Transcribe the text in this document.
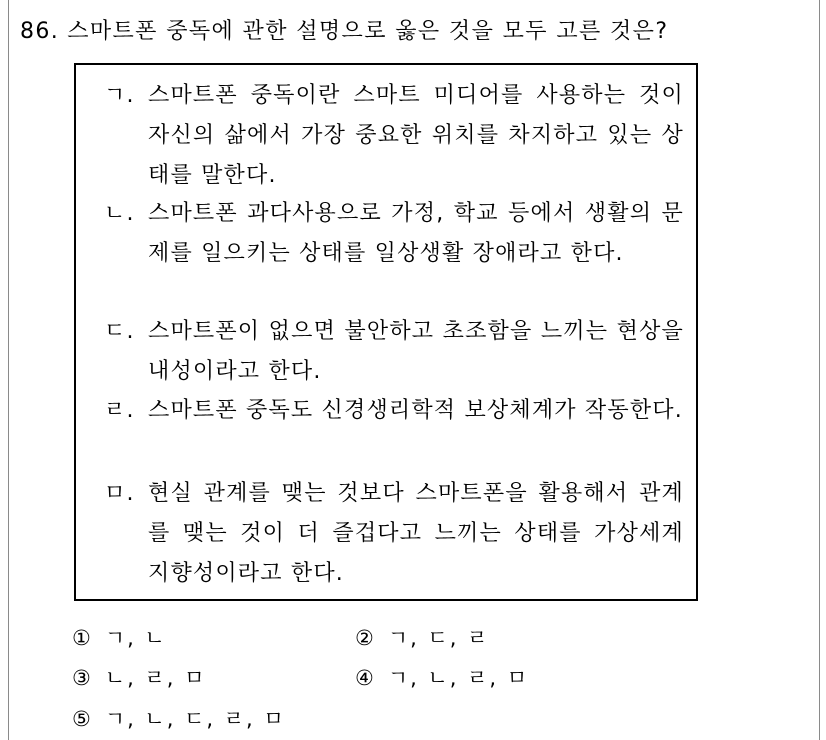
86. 스마트폰 중독에 관한 설명으로 옳은 것을 모두 고른 것은?
ㄱ. 스마트폰 중독이란 스마트 미디어를 사용하는 것이 자신의 삶에서 가장 중요한 위치를 차지하고 있는 상태를 말한다.
ㄴ. 스마트폰 과다사용으로 가정, 학교 등에서 생활의 문제를 일으키는 상태를 일상생활 장애라고 한다.
ㄷ. 스마트폰이 없으면 불안하고 초조함을 느끼는 현상을 내성이라고 한다.
ㄹ. 스마트폰 중독도 신경생리학적 보상체계가 작동한다.
ㅁ. 현실 관계를 맺는 것보다 스마트폰을 활용해서 관계를 맺는 것이 더 즐겁다고 느끼는 상태를 가상세계 지향성이라고 한다.
① ㄱ, ㄴ	② ㄱ, ㄷ, ㄹ
③ ㄴ, ㄹ, ㅁ	④ ㄱ, ㄴ, ㄹ, ㅁ
⑤ ㄱ, ㄴ, ㄷ, ㄹ, ㅁ
